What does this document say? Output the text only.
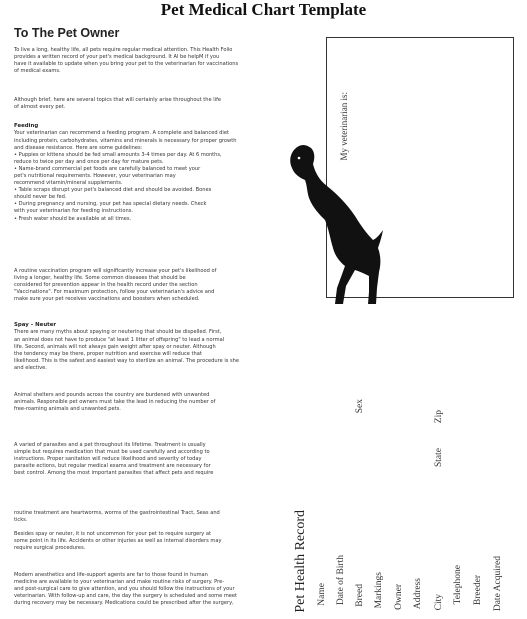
Pet Medical Chart Template
To The Pet Owner

To live a long, healthy life, all pets require regular medical attention. This Health Folio
provides a written record of your pet's medical background. It Al be helpM if you
have it available to update when you bring your pet to the veterinarian for vaccinations
of medical exams.

Although brief, here are several topics that will certainly arise throughout the life
of almost every pet.

Feeding

Your veterinarian can recommend a feeding program. A complete and balanced diet
including protein, carbohydrates, vitamins and minerals is necessary for proper growth
and disease resistance. Here are some guidelines:
• Puppies or kittens should be fed small amounts 3-4 times per day. At 6 months,
reduce to twice per day and once per day for mature pets.
• Name-brand commercial pet foods are carefully balanced to meet your
pet's nutritional requirements. However, your veterinarian may
recommend vitamin/mineral supplements.
• Table scraps disrupt your pet's balanced diet and should be avoided. Bones
should never be fed.
• During pregnancy and nursing, your pet has special dietary needs. Check
with your veterinarian for feeding instructions.
• Fresh water should be available at all times.

A routine vaccination program will significantly increase your pet's likelihood of
living a longer, healthy life. Some common diseases that should be
considered for prevention appear in the health record under the section
"Vaccinations". For maximum protection, follow your veterinarian's advice and
make sure your pet receives vaccinations and boosters when scheduled.

Spay – Neuter

There are many myths about spaying or neutering that should be dispelled. First,
an animal does not have to produce "at least 1 litter of offspring" to lead a normal
life. Second, animals will not always gain weight after spay or neuter. Although
the tendency may be there, proper nutrition and exercise will reduce that
likelihood. This is the safest and easiest way to sterilize an animal. The procedure is she
and elective.

Animal shelters and pounds across the country are burdened with unwanted
animals. Responsible pet owners must take the lead in reducing the number of
free-roaming animals and unwanted pets.

A varied of parasites and a pet throughout its lifetime. Treatment is usually
simple but requires medication that must be used carefully and according to
instructions. Proper sanitation will reduce likelihood and severity of today
parasite ections, but regular medical exams and treatment are necessary for
best control. Among the most important parasites that affect pets and require

routine treatment are heartworms, worms of the gastrointestinal Tract, Seas and
ticks.

Besides spay or neuter, it is not uncommon for your pet to require surgery at
some point in its life. Accidents or other injuries as well as internal disorders may
require surgical procedures.

Modern anesthetics and life-support agents are far to those found in human
medicine are available to your veterinarian and make routine risks of surgery. Pre-
and post-surgical care to give attention, and you should follow the instructions of your
veterinarian. With follow-up and care, the day the surgery is scheduled and some meet
during recovery may be necessary. Medications could be prescribed after the surgery,

My veterinarian is:
Sex
Zip
State
Pet Health Record Name Date of Birth Breed Markings Owner Address City Telephone Breeder Date Acquired
